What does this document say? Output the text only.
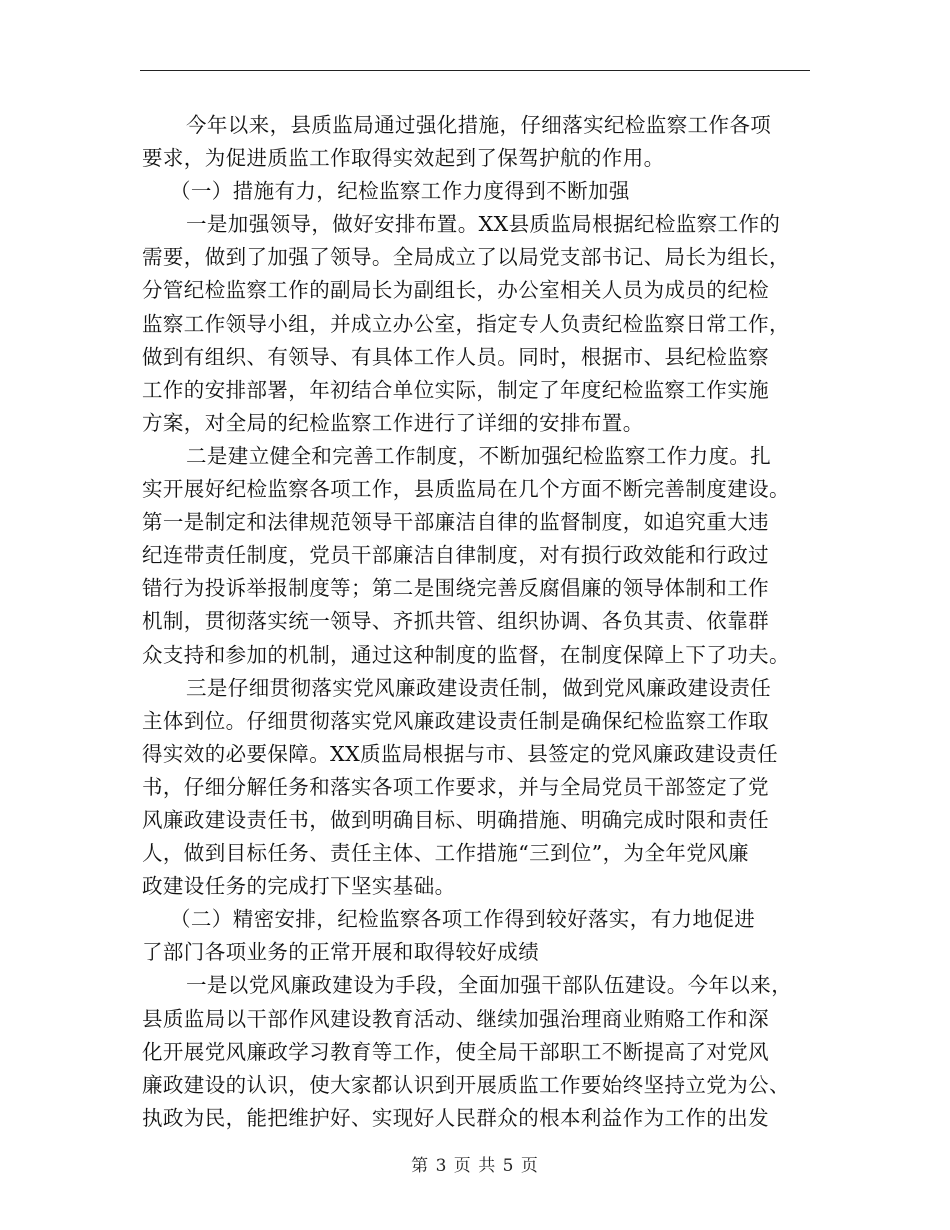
今年以来，县质监局通过强化措施，仔细落实纪检监察工作各项
要求，为促进质监工作取得实效起到了保驾护航的作用。
（一）措施有力，纪检监察工作力度得到不断加强
一是加强领导，做好安排布置。XX县质监局根据纪检监察工作的
需要，做到了加强了领导。全局成立了以局党支部书记、局长为组长，
分管纪检监察工作的副局长为副组长，办公室相关人员为成员的纪检
监察工作领导小组，并成立办公室，指定专人负责纪检监察日常工作，
做到有组织、有领导、有具体工作人员。同时，根据市、县纪检监察
工作的安排部署，年初结合单位实际，制定了年度纪检监察工作实施
方案，对全局的纪检监察工作进行了详细的安排布置。
二是建立健全和完善工作制度，不断加强纪检监察工作力度。扎
实开展好纪检监察各项工作，县质监局在几个方面不断完善制度建设。
第一是制定和法律规范领导干部廉洁自律的监督制度，如追究重大违
纪连带责任制度，党员干部廉洁自律制度，对有损行政效能和行政过
错行为投诉举报制度等；第二是围绕完善反腐倡廉的领导体制和工作
机制，贯彻落实统一领导、齐抓共管、组织协调、各负其责、依靠群
众支持和参加的机制，通过这种制度的监督，在制度保障上下了功夫。
三是仔细贯彻落实党风廉政建设责任制，做到党风廉政建设责任
主体到位。仔细贯彻落实党风廉政建设责任制是确保纪检监察工作取
得实效的必要保障。XX质监局根据与市、县签定的党风廉政建设责任
书，仔细分解任务和落实各项工作要求，并与全局党员干部签定了党
风廉政建设责任书，做到明确目标、明确措施、明确完成时限和责任
人，做到目标任务、责任主体、工作措施“三到位”，为全年党风廉
政建设任务的完成打下坚实基础。
（二）精密安排，纪检监察各项工作得到较好落实，有力地促进
了部门各项业务的正常开展和取得较好成绩
一是以党风廉政建设为手段，全面加强干部队伍建设。今年以来，
县质监局以干部作风建设教育活动、继续加强治理商业贿赂工作和深
化开展党风廉政学习教育等工作，使全局干部职工不断提高了对党风
廉政建设的认识，使大家都认识到开展质监工作要始终坚持立党为公、
执政为民，能把维护好、实现好人民群众的根本利益作为工作的出发
第 3 页 共 5 页
